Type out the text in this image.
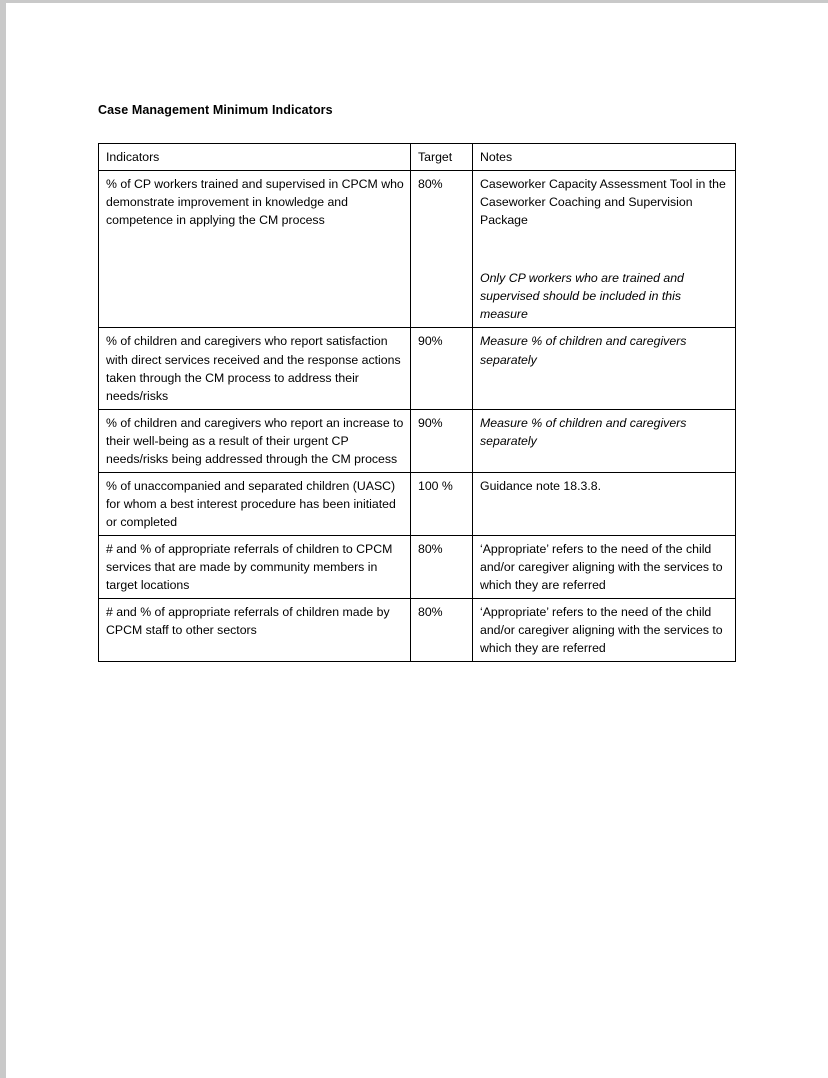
Case Management Minimum Indicators
Indicators	Target	Notes
% of CP workers trained and supervised in CPCM who demonstrate improvement in knowledge and competence in applying the CM process	80%	Caseworker Capacity Assessment Tool in the Caseworker Coaching and Supervision Package

Only CP workers who are trained and supervised should be included in this measure

% of children and caregivers who report satisfaction with direct services received and the response actions taken through the CM process to address their needs/risks	90%	Measure % of children and caregivers separately

% of children and caregivers who report an increase to their well-being as a result of their urgent CP needs/risks being addressed through the CM process	90%	Measure % of children and caregivers separately

% of unaccompanied and separated children (UASC) for whom a best interest procedure has been initiated or completed	100 %	Guidance note 18.3.8.

# and % of appropriate referrals of children to CPCM services that are made by community members in target locations	80%	‘Appropriate’ refers to the need of the child and/or caregiver aligning with the services to which they are referred

# and % of appropriate referrals of children made by CPCM staff to other sectors	80%	‘Appropriate’ refers to the need of the child and/or caregiver aligning with the services to which they are referred
